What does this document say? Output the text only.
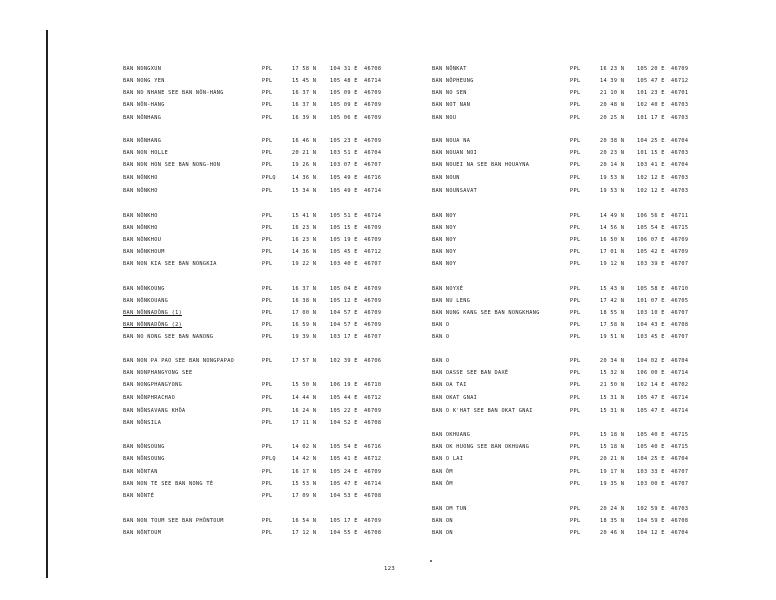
BAN NONGXUN	PPL	17 58 N	104 31 E 46708
BAN NONG YEN	PPL	15 45 N	105 48 E 46714
BAN NO NHANE SEE BAN NÔN-HANG	PPL	16 37 N	105 09 E 46709
BAN NÔN-HANG	PPL	16 37 N	105 09 E 46709
BAN NÔNHANG	PPL	16 39 N	105 06 E 46709
BAN NÔNHANG	PPL	16 46 N	105 23 E 46709
BAN NON HOLLE	PPL	20 21 N	103 51 E 46704
BAN NON HON SEE BAN NONG-HON	PPL	19 26 N	103 07 E 46707
BAN NÔNKHO	PPLQ	14 36 N	105 49 E 46716
BAN NÔNKHO	PPL	15 34 N	105 49 E 46714
BAN NÔNKHO	PPL	15 41 N	105 51 E 46714
BAN NÔNKHO	PPL	16 23 N	105 15 E 46709
BAN NÔNKHOU	PPL	16 23 N	105 19 E 46709
BAN NÔNKHOUM	PPL	14 36 N	105 45 E 46712
BAN NON KIA SEE BAN NONGKIA	PPL	19 22 N	103 40 E 46707
BAN NÔNKOUNG	PPL	16 37 N	105 04 E 46709
BAN NÔNKOUANG	PPL	16 38 N	105 12 E 46709
BAN NÔNNADÔNG (1)	PPL	17 00 N	104 57 E 46709
BAN NÔNNADÔNG (2)	PPL	16 59 N	104 57 E 46709
BAN NO NONG SEE BAN NANONG	PPL	19 39 N	103 17 E 46707
BAN NON PA PAO SEE BAN NONGPAPAO	PPL	17 57 N	102 39 E 46706
BAN NONPHANGYONG SEE
BAN NONGPHANGYONG	PPL	15 50 N	106 19 E 46710
BAN NÔNPHRACHAO	PPL	14 44 N	105 44 E 46712
BAN NÔNSAVANG KHÔA	PPL	16 24 N	105 22 E 46709
BAN NÔNSILA	PPL	17 11 N	104 52 E 46708
BAN NÔNSOUNG	PPL	14 02 N	105 54 E 46716
BAN NÔNSOUNG	PPLQ	14 42 N	105 41 E 46712
BAN NÔNTAN	PPL	16 17 N	105 24 E 46709
BAN NON TE SEE BAN NONG TÉ	PPL	15 53 N	105 47 E 46714
BAN NÔNTÉ	PPL	17 09 N	104 53 E 46708
BAN NON TOUM SEE BAN PHÔNTOUM	PPL	16 54 N	105 17 E 46709
BAN NÔNTOUM	PPL	17 12 N	104 55 E 46708
BAN NÔNKAT	PPL	16 23 N 105 20 E 46709
BAN NÔPHEUNG	PPL	14 39 N 105 47 E 46712
BAN NO SEN	PPL	21 10 N 101 23 E 46701
BAN NOT NAN	PPL	20 48 N 102 40 E 46703
BAN NOU	PPL	20 25 N 101 17 E 46703
BAN NOUA NA	PPL	20 38 N 104 25 E 46704
BAN NOUAN NOI	PPL	20 23 N 101 15 E 46703
BAN NOUEI NA SEE BAN HOUAYNA	PPL	20 14 N 103 41 E 46704
BAN NOUN	PPL	19 53 N 102 12 E 46703
BAN NOUNSAVAT	PPL	19 53 N 102 12 E 46703
BAN NOY	PPL	14 49 N 106 56 E 46711
BAN NOY	PPL	14 56 N 105 54 E 46715
BAN NOY	PPL	16 50 N 106 07 E 46709
BAN NOY	PPL	17 01 N 105 42 E 46709
BAN NOY	PPL	19 12 N 103 39 E 46707
BAN NOYXÉ	PPL	15 43 N 105 58 E 46710
BAN NU LENG	PPL	17 42 N 101 07 E 46705
BAN NUNG KANG SEE BAN NONGKHANG	PPL	18 55 N 103 10 E 46707
BAN O	PPL	17 58 N 104 43 E 46708
BAN O	PPL	19 51 N 103 45 E 46707
BAN O	PPL	20 34 N 104 02 E 46704
BAN OASSE SEE BAN DAXÉ	PPL	15 32 N 106 00 E 46714
BAN OA TAI	PPL	21 50 N 102 14 E 46702
BAN OKAT GNAI	PPL	15 31 N 105 47 E 46714
BAN O K'HAT SEE BAN OKAT GNAI	PPL	15 31 N 105 47 E 46714
BAN OKHUANG	PPL	15 18 N 105 40 E 46715
BAN OK HUONG SEE BAN OKHUANG	PPL	15 18 N 105 40 E 46715
BAN O LAI	PPL	20 21 N 104 25 E 46704
BAN ÔM	PPL	19 17 N 103 33 E 46707
BAN ÔM	PPL	19 35 N 103 00 E 46707
BAN OM TUN	PPL	20 24 N 102 59 E 46703
BAN ON	PPL	18 35 N 104 59 E 46708
BAN ON	PPL	20 46 N 104 12 E 46704
123
